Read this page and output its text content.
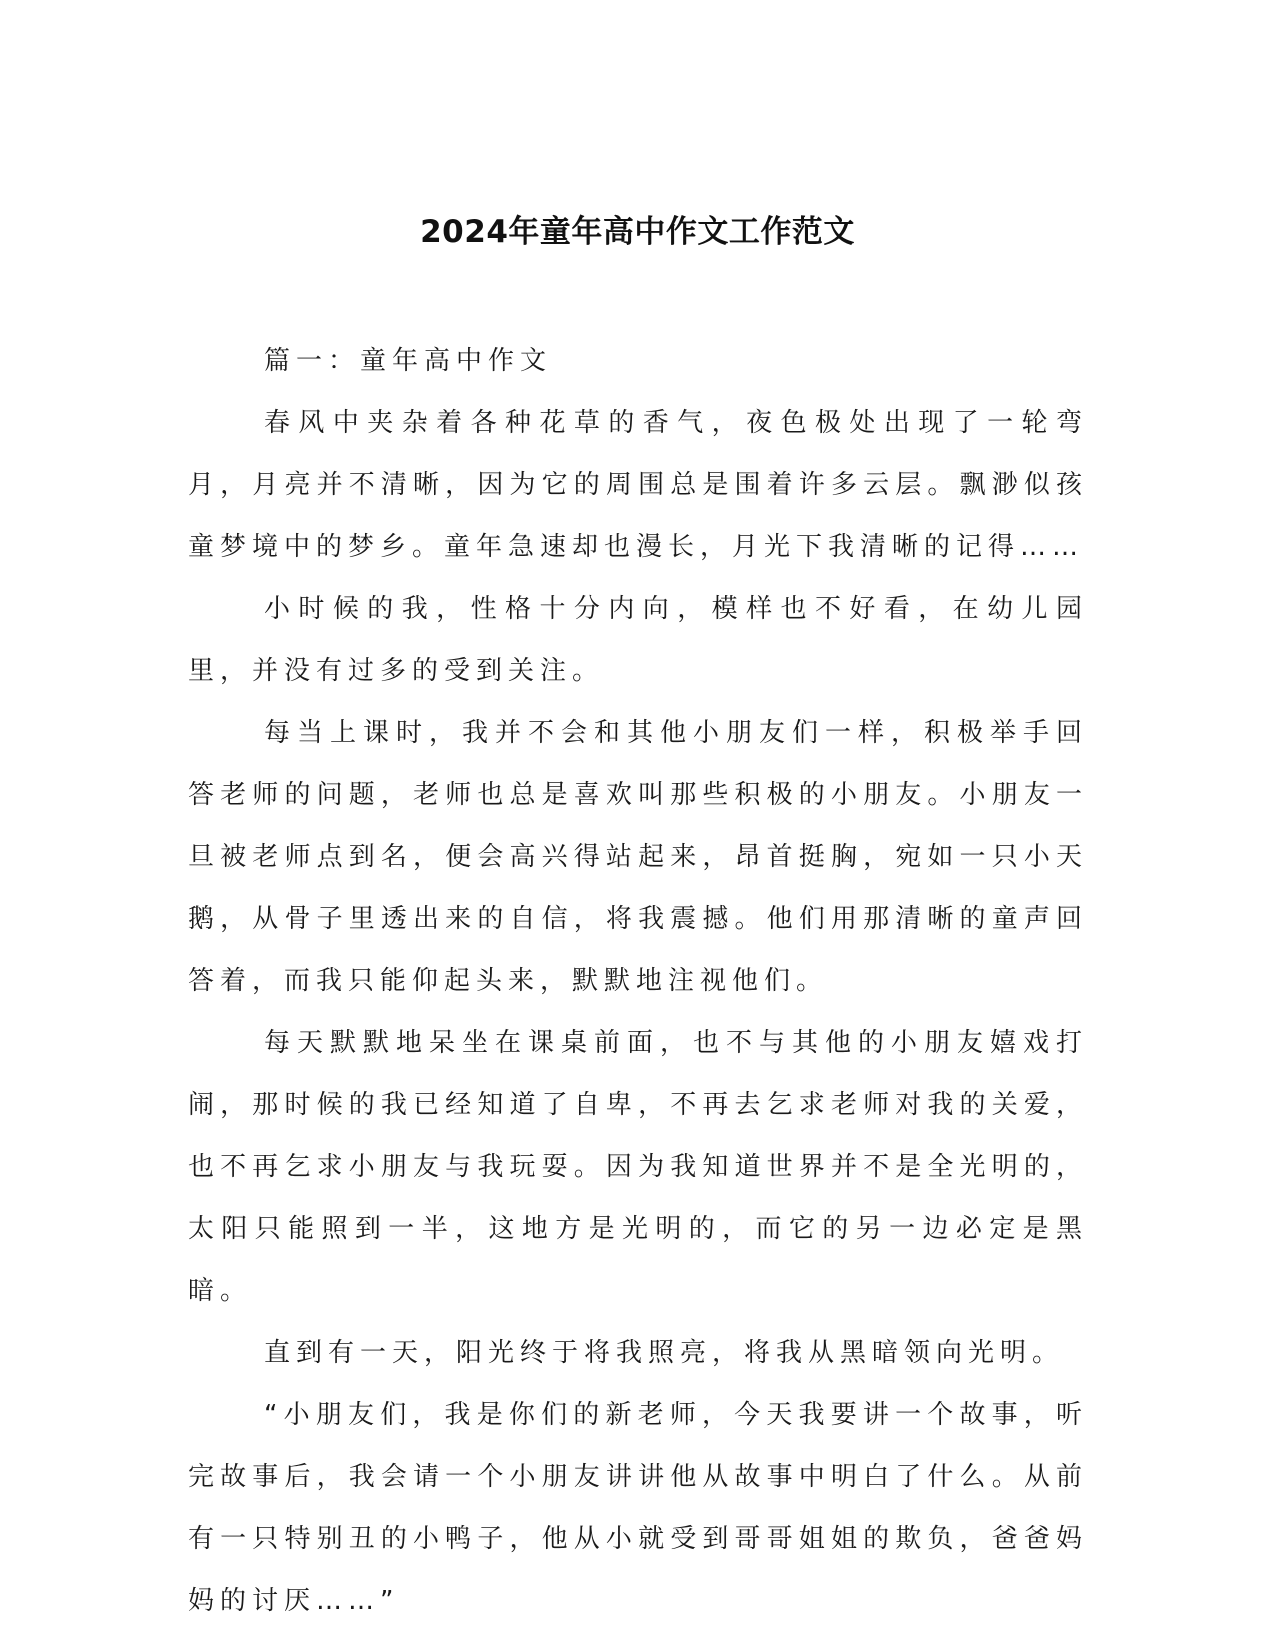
2024年童年高中作文工作范文

篇一：童年高中作文

春风中夹杂着各种花草的香气，夜色极处出现了一轮弯月，月亮并不清晰，因为它的周围总是围着许多云层。飘渺似孩童梦境中的梦乡。童年急速却也漫长，月光下我清晰的记得……

小时候的我，性格十分内向，模样也不好看，在幼儿园里，并没有过多的受到关注。

每当上课时，我并不会和其他小朋友们一样，积极举手回答老师的问题，老师也总是喜欢叫那些积极的小朋友。小朋友一旦被老师点到名，便会高兴得站起来，昂首挺胸，宛如一只小天鹅，从骨子里透出来的自信，将我震撼。他们用那清晰的童声回答着，而我只能仰起头来，默默地注视他们。

每天默默地呆坐在课桌前面，也不与其他的小朋友嬉戏打闹，那时候的我已经知道了自卑，不再去乞求老师对我的关爱，也不再乞求小朋友与我玩耍。因为我知道世界并不是全光明的，太阳只能照到一半，这地方是光明的，而它的另一边必定是黑暗。

直到有一天，阳光终于将我照亮，将我从黑暗领向光明。

“小朋友们，我是你们的新老师，今天我要讲一个故事，听完故事后，我会请一个小朋友讲讲他从故事中明白了什么。从前有一只特别丑的小鸭子，他从小就受到哥哥姐姐的欺负，爸爸妈妈的讨厌……”
